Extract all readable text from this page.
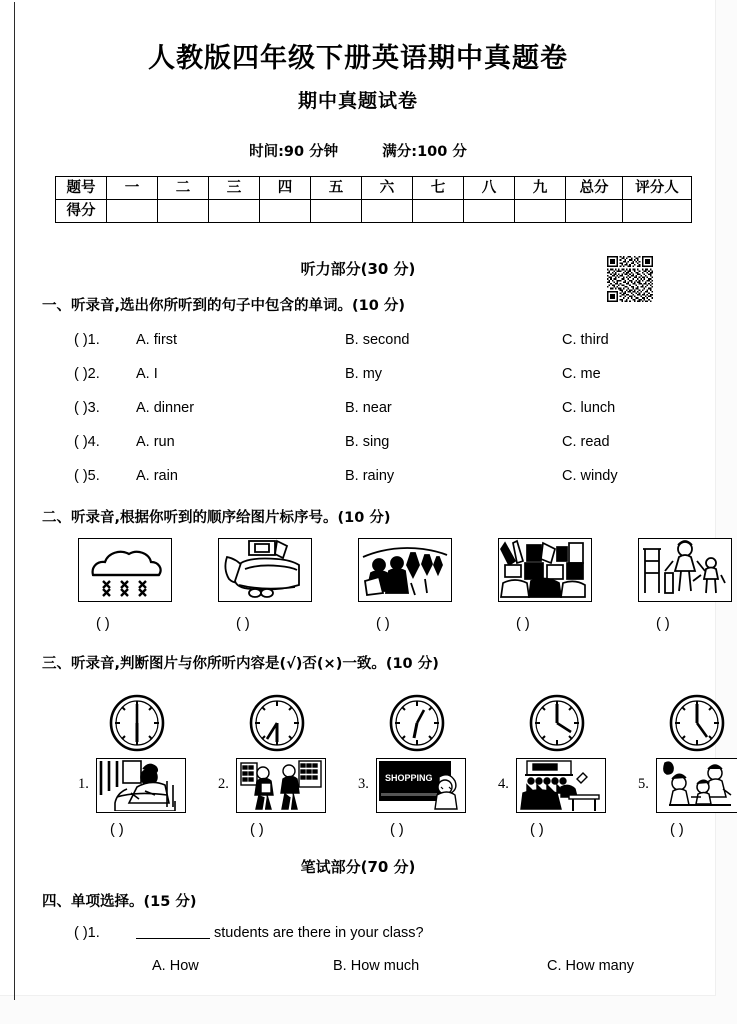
人教版四年级下册英语期中真题卷
期中真题试卷
时间:90 分钟	满分:100 分
题号	一	二	三	四	五	六	七	八	九	总分	评分人
得分											
听力部分(30 分)
一、听录音,选出你所听到的句子中包含的单词。(10 分)
( )1. A. first	B. second	C. third
( )2. A. I	B. my	C. me
( )3. A. dinner	B. near	C. lunch
( )4. A. run	B. sing	C. read
( )5. A. rain	B. rainy	C. windy
二、听录音,根据你听到的顺序给图片标序号。(10 分)
( )	( )	( )	( )	( )
三、听录音,判断图片与你所听内容是(√)否(×)一致。(10 分)
1.	2.	3. SHOPPING	4.	5.
( )	( )	( )	( )	( )
笔试部分(70 分)
四、单项选择。(15 分)
( )1.	students are there in your class?
A. How	B. How much	C. How many
